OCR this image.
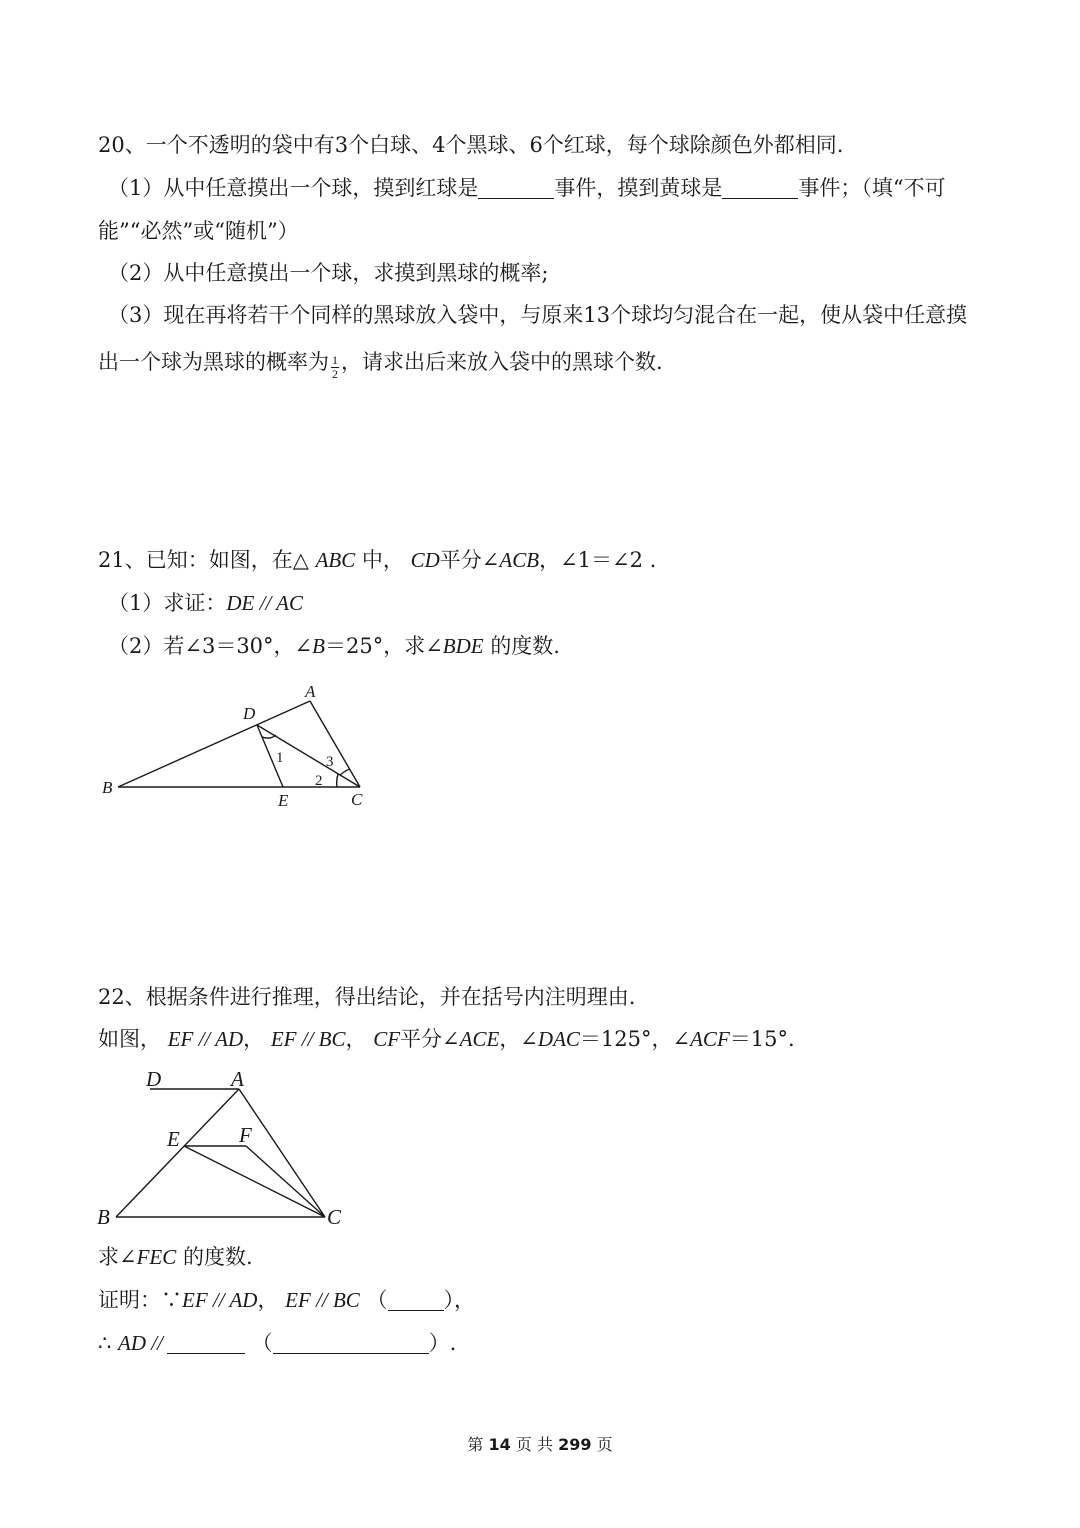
20、一个不透明的袋中有3个白球、4个黑球、6个红球，每个球除颜色外都相同.
（1）从中任意摸出一个球，摸到红球是	事件，摸到黄球是	事件；（填“不可
能”“必然”或“随机”）
（2）从中任意摸出一个球，求摸到黑球的概率;
（3）现在再将若干个同样的黑球放入袋中，与原来13个球均匀混合在一起，使从袋中任意摸
出一个球为黑球的概率为 $\frac{1}{2}$ ，请求出后来放入袋中的黑球个数.
21、已知：如图，在△ ABC 中， CD平分∠ACB，∠1＝∠2 .
（1）求证：DE // AC
（2）若∠3＝30°，∠B＝25°，求∠BDE 的度数.
A
B
C
D
E
1
2
3
22、根据条件进行推理，得出结论，并在括号内注明理由.
如图， EF // AD， EF // BC， CF平分∠ACE，∠DAC＝125°，∠ACF＝15°.
D	A
E	F
B	C
求∠FEC 的度数.
证明：∵EF // AD， EF // BC （	），
∴ AD //	（	）.
第 14 页 共 299 页
